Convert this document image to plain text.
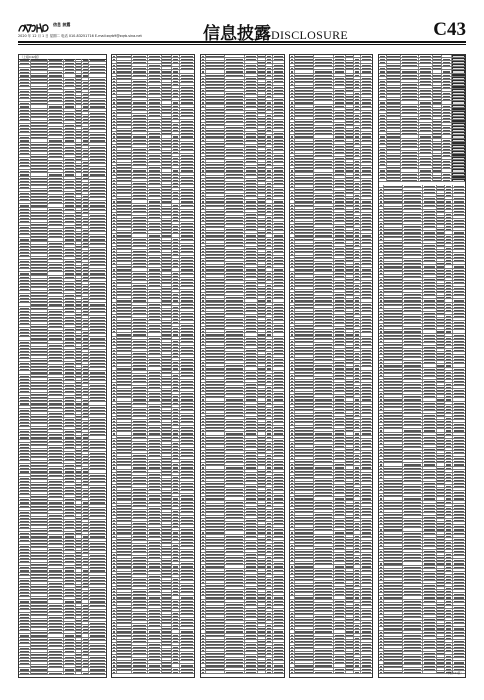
信息 披露
2020 年 12 月 1 日 星期二 电话 010-83251716 E-mail:zqrb9@zqrb.sina.net	信息披露DISCLOSURE	C43
（上接C42版）
（下转C44版）
